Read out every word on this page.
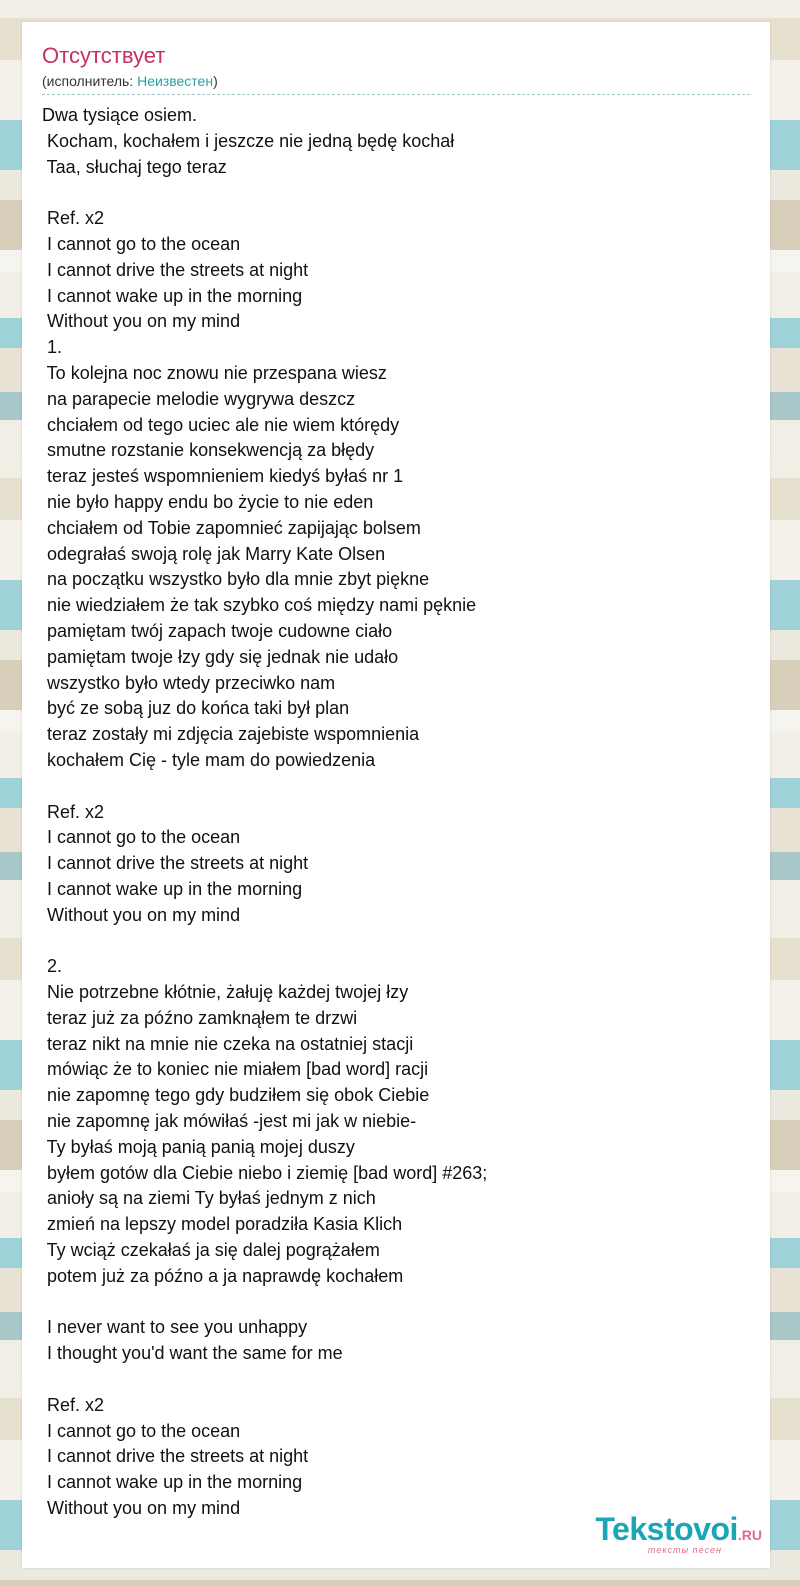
Отсутствует
(исполнитель: Неизвестен)
Dwa tysiące osiem.
Kocham, kochałem i jeszcze nie jedną będę kochał
Taa, słuchaj tego teraz

Ref. x2
I cannot go to the ocean
I cannot drive the streets at night
I cannot wake up in the morning
Without you on my mind
1.
To kolejna noc znowu nie przespana wiesz
na parapecie melodie wygrywa deszcz
chciałem od tego uciec ale nie wiem którędy
smutne rozstanie konsekwencją za błędy
teraz jesteś wspomnieniem kiedyś byłaś nr 1
nie było happy endu bo życie to nie eden
chciałem od Tobie zapomnieć zapijając bolsem
odegrałaś swoją rolę jak Marry Kate Olsen
na początku wszystko było dla mnie zbyt piękne
nie wiedziałem że tak szybko coś między nami pęknie
pamiętam twój zapach twoje cudowne ciało
pamiętam twoje łzy gdy się jednak nie udało
wszystko było wtedy przeciwko nam
być ze sobą juz do końca taki był plan
teraz zostały mi zdjęcia zajebiste wspomnienia
kochałem Cię - tyle mam do powiedzenia

Ref. x2
I cannot go to the ocean
I cannot drive the streets at night
I cannot wake up in the morning
Without you on my mind

2.
Nie potrzebne kłótnie, żałuję każdej twojej łzy
teraz już za późno zamknąłem te drzwi
teraz nikt na mnie nie czeka na ostatniej stacji
mówiąc że to koniec nie miałem [bad word] racji
nie zapomnę tego gdy budziłem się obok Ciebie
nie zapomnę jak mówiłaś -jest mi jak w niebie-
Ty byłaś moją panią panią mojej duszy
byłem gotów dla Ciebie niebo i ziemię [bad word] #263;
anioły są na ziemi Ty byłaś jednym z nich
zmień na lepszy model poradziła Kasia Klich
Ty wciąż czekałaś ja się dalej pogrążałem
potem już za późno a ja naprawdę kochałem

I never want to see you unhappy
I thought you'd want the same for me

Ref. x2
I cannot go to the ocean
I cannot drive the streets at night
I cannot wake up in the morning
Without you on my mind
Tekstovoi.RU
тексты песен
